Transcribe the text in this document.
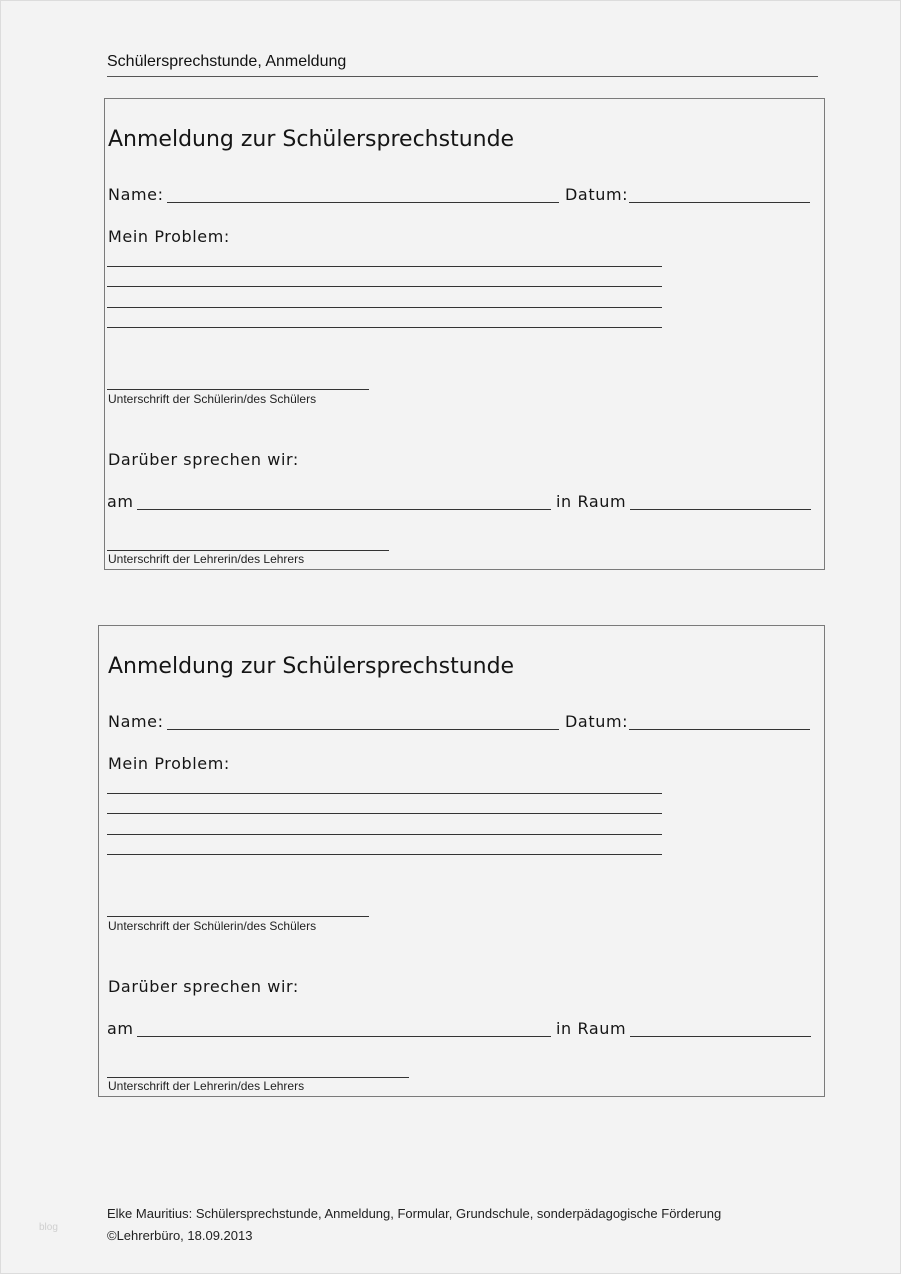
Schülersprechstunde, Anmeldung
Anmeldung zur Schülersprechstunde
Name:	Datum:
Mein Problem:
Unterschrift der Schülerin/des Schülers
Darüber sprechen wir:
am	in Raum
Unterschrift der Lehrerin/des Lehrers
Anmeldung zur Schülersprechstunde
Name:	Datum:
Mein Problem:
Unterschrift der Schülerin/des Schülers
Darüber sprechen wir:
am	in Raum
Unterschrift der Lehrerin/des Lehrers
Elke Mauritius: Schülersprechstunde, Anmeldung, Formular, Grundschule, sonderpädagogische Förderung
©Lehrerbüro, 18.09.2013
blog
